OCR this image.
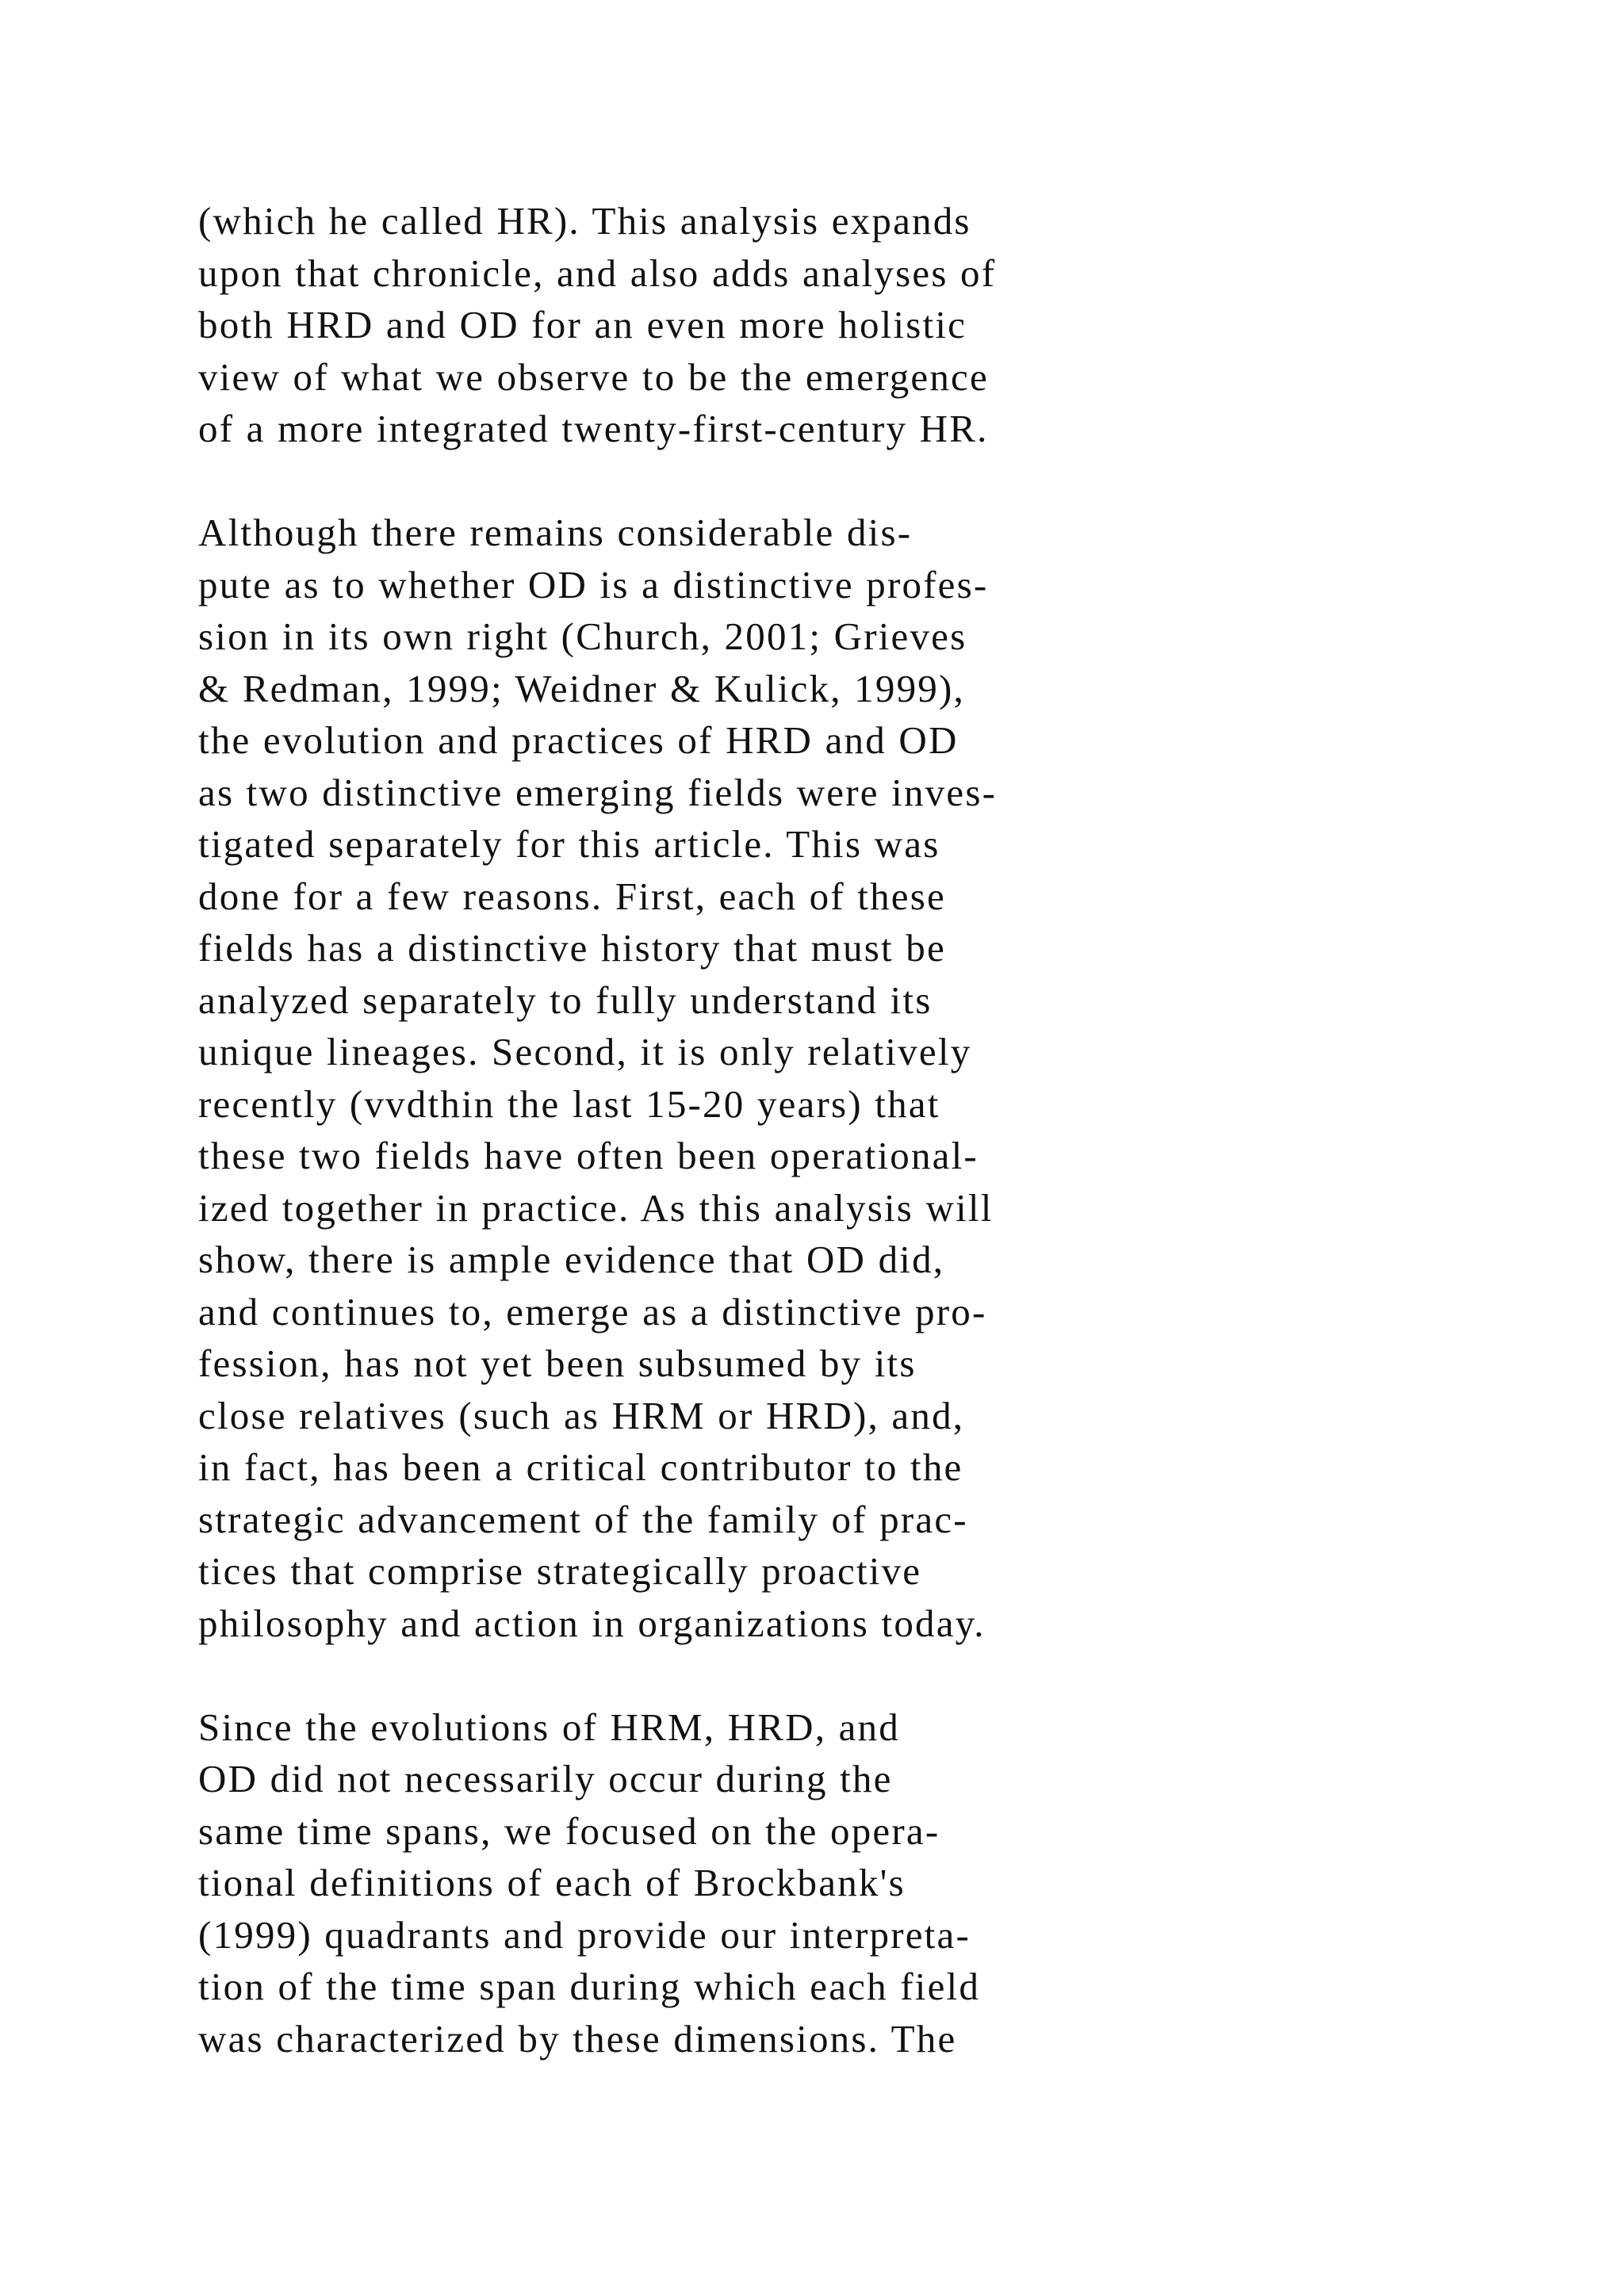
(which he called HR). This analysis expands
upon that chronicle, and also adds analyses of
both HRD and OD for an even more holistic
view of what we observe to be the emergence
of a more integrated twenty-first-century HR.
Although there remains considerable dis-
pute as to whether OD is a distinctive profes-
sion in its own right (Church, 2001; Grieves
& Redman, 1999; Weidner & Kulick, 1999),
the evolution and practices of HRD and OD
as two distinctive emerging fields were inves-
tigated separately for this article. This was
done for a few reasons. First, each of these
fields has a distinctive history that must be
analyzed separately to fully understand its
unique lineages. Second, it is only relatively
recently (vvdthin the last 15-20 years) that
these two fields have often been operational-
ized together in practice. As this analysis will
show, there is ample evidence that OD did,
and continues to, emerge as a distinctive pro-
fession, has not yet been subsumed by its
close relatives (such as HRM or HRD), and,
in fact, has been a critical contributor to the
strategic advancement of the family of prac-
tices that comprise strategically proactive
philosophy and action in organizations today.
Since the evolutions of HRM, HRD, and
OD did not necessarily occur during the
same time spans, we focused on the opera-
tional definitions of each of Brockbank's
(1999) quadrants and provide our interpreta-
tion of the time span during which each field
was characterized by these dimensions. The
